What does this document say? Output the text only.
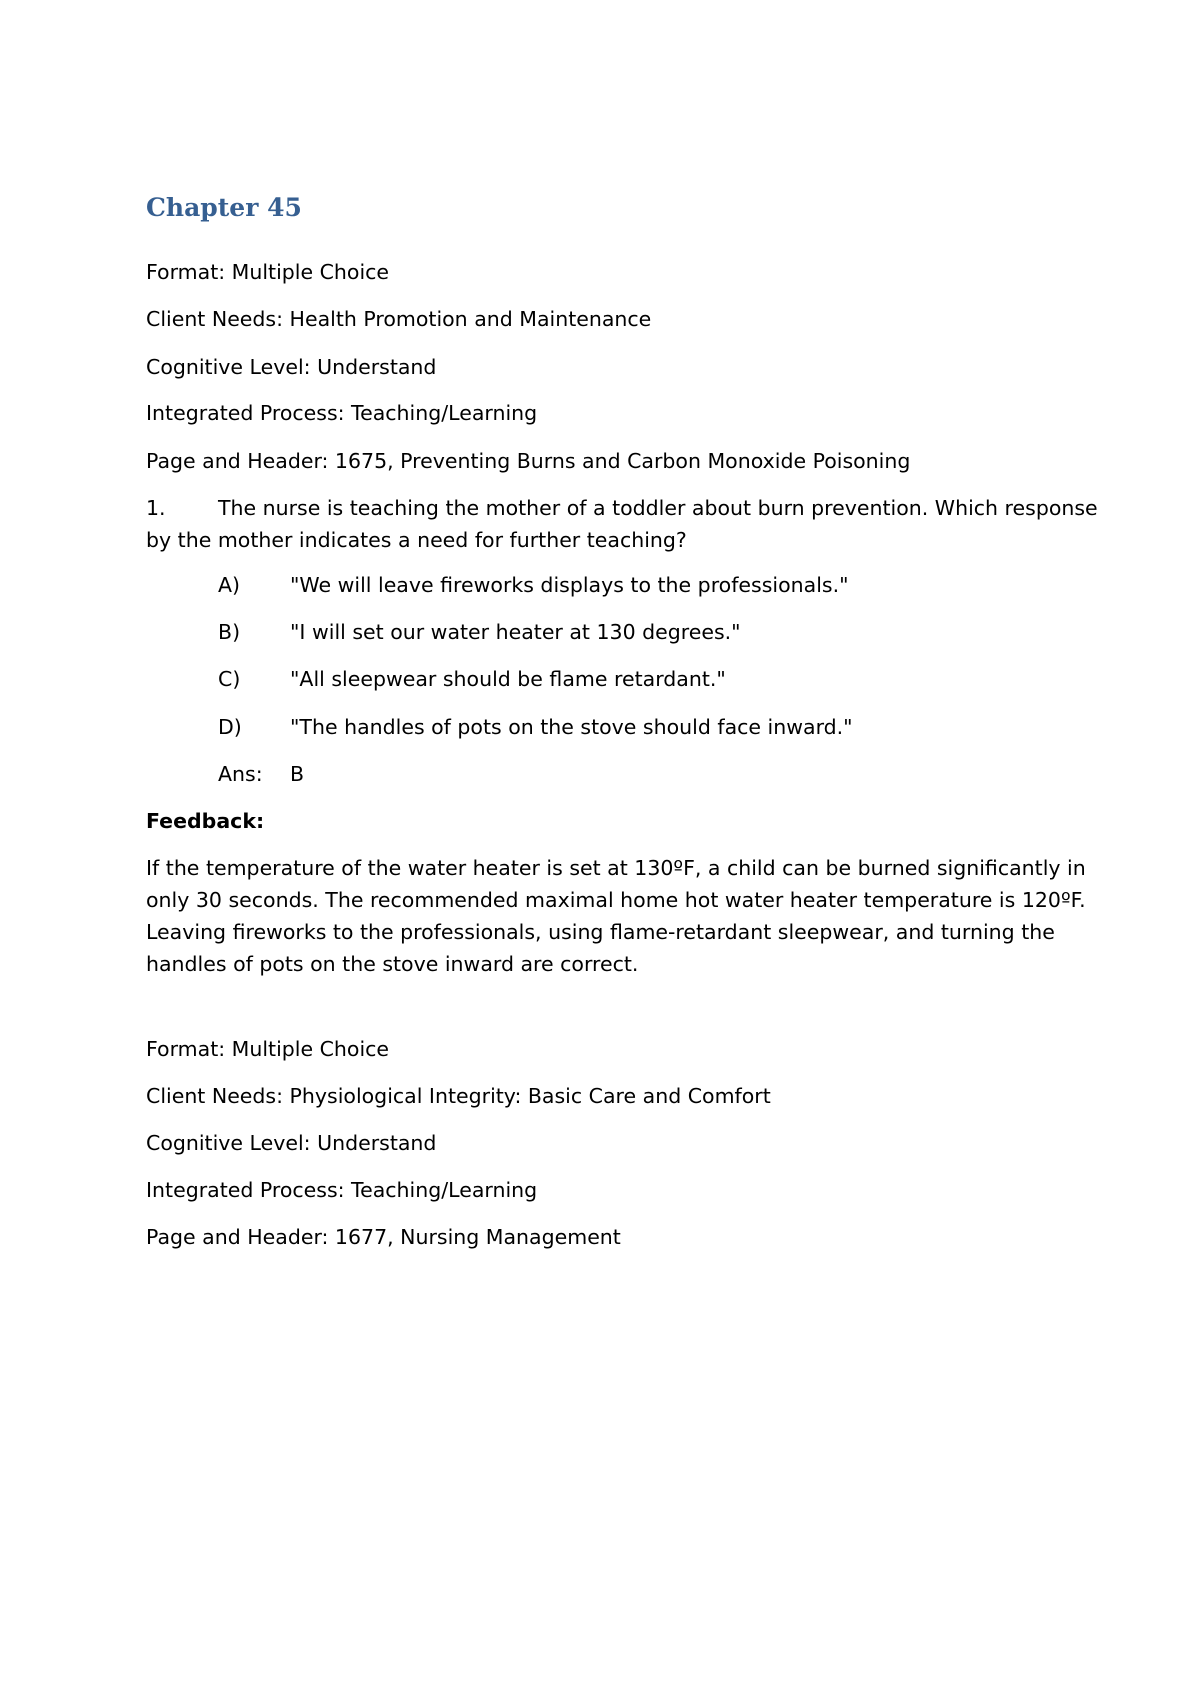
Chapter 45
Format: Multiple Choice
Client Needs: Health Promotion and Maintenance
Cognitive Level: Understand
Integrated Process: Teaching/Learning
Page and Header: 1675, Preventing Burns and Carbon Monoxide Poisoning
1.	The nurse is teaching the mother of a toddler about burn prevention. Which response by the mother indicates a need for further teaching?
A) "We will leave fireworks displays to the professionals."
B) "I will set our water heater at 130 degrees."
C) "All sleepwear should be flame retardant."
D) "The handles of pots on the stove should face inward."
Ans: B
Feedback:
If the temperature of the water heater is set at 130ºF, a child can be burned significantly in only 30 seconds. The recommended maximal home hot water heater temperature is 120ºF. Leaving fireworks to the professionals, using flame-retardant sleepwear, and turning the handles of pots on the stove inward are correct.
Format: Multiple Choice
Client Needs: Physiological Integrity: Basic Care and Comfort
Cognitive Level: Understand
Integrated Process: Teaching/Learning
Page and Header: 1677, Nursing Management
